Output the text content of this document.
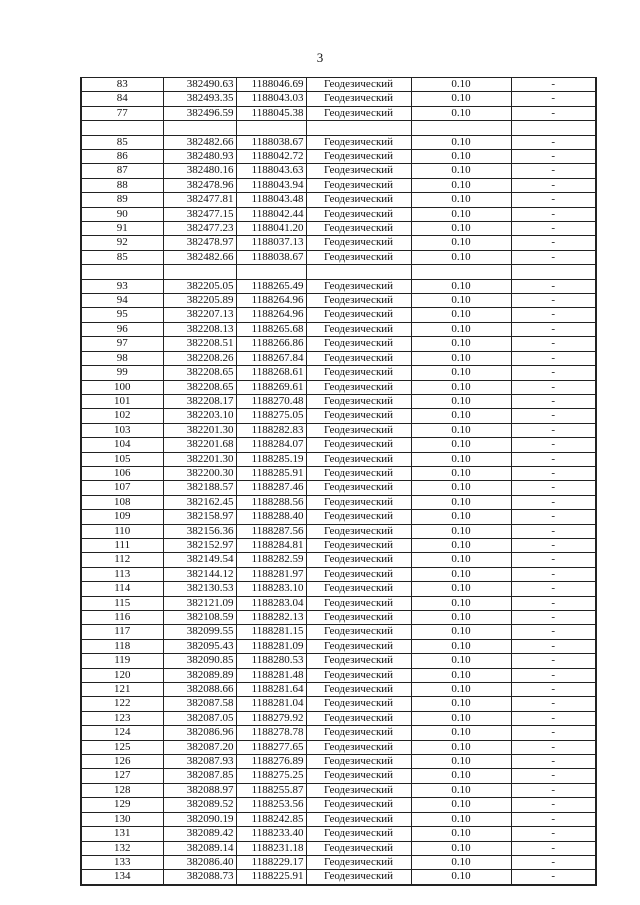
3
83	382490.63	1188046.69	Геодезический	0.10	-
84	382493.35	1188043.03	Геодезический	0.10	-
77	382496.59	1188045.38	Геодезический	0.10	-

85	382482.66	1188038.67	Геодезический	0.10	-
86	382480.93	1188042.72	Геодезический	0.10	-
87	382480.16	1188043.63	Геодезический	0.10	-
88	382478.96	1188043.94	Геодезический	0.10	-
89	382477.81	1188043.48	Геодезический	0.10	-
90	382477.15	1188042.44	Геодезический	0.10	-
91	382477.23	1188041.20	Геодезический	0.10	-
92	382478.97	1188037.13	Геодезический	0.10	-
85	382482.66	1188038.67	Геодезический	0.10	-

93	382205.05	1188265.49	Геодезический	0.10	-
94	382205.89	1188264.96	Геодезический	0.10	-
95	382207.13	1188264.96	Геодезический	0.10	-
96	382208.13	1188265.68	Геодезический	0.10	-
97	382208.51	1188266.86	Геодезический	0.10	-
98	382208.26	1188267.84	Геодезический	0.10	-
99	382208.65	1188268.61	Геодезический	0.10	-
100	382208.65	1188269.61	Геодезический	0.10	-
101	382208.17	1188270.48	Геодезический	0.10	-
102	382203.10	1188275.05	Геодезический	0.10	-
103	382201.30	1188282.83	Геодезический	0.10	-
104	382201.68	1188284.07	Геодезический	0.10	-
105	382201.30	1188285.19	Геодезический	0.10	-
106	382200.30	1188285.91	Геодезический	0.10	-
107	382188.57	1188287.46	Геодезический	0.10	-
108	382162.45	1188288.56	Геодезический	0.10	-
109	382158.97	1188288.40	Геодезический	0.10	-
110	382156.36	1188287.56	Геодезический	0.10	-
111	382152.97	1188284.81	Геодезический	0.10	-
112	382149.54	1188282.59	Геодезический	0.10	-
113	382144.12	1188281.97	Геодезический	0.10	-
114	382130.53	1188283.10	Геодезический	0.10	-
115	382121.09	1188283.04	Геодезический	0.10	-
116	382108.59	1188282.13	Геодезический	0.10	-
117	382099.55	1188281.15	Геодезический	0.10	-
118	382095.43	1188281.09	Геодезический	0.10	-
119	382090.85	1188280.53	Геодезический	0.10	-
120	382089.89	1188281.48	Геодезический	0.10	-
121	382088.66	1188281.64	Геодезический	0.10	-
122	382087.58	1188281.04	Геодезический	0.10	-
123	382087.05	1188279.92	Геодезический	0.10	-
124	382086.96	1188278.78	Геодезический	0.10	-
125	382087.20	1188277.65	Геодезический	0.10	-
126	382087.93	1188276.89	Геодезический	0.10	-
127	382087.85	1188275.25	Геодезический	0.10	-
128	382088.97	1188255.87	Геодезический	0.10	-
129	382089.52	1188253.56	Геодезический	0.10	-
130	382090.19	1188242.85	Геодезический	0.10	-
131	382089.42	1188233.40	Геодезический	0.10	-
132	382089.14	1188231.18	Геодезический	0.10	-
133	382086.40	1188229.17	Геодезический	0.10	-
134	382088.73	1188225.91	Геодезический	0.10	-
